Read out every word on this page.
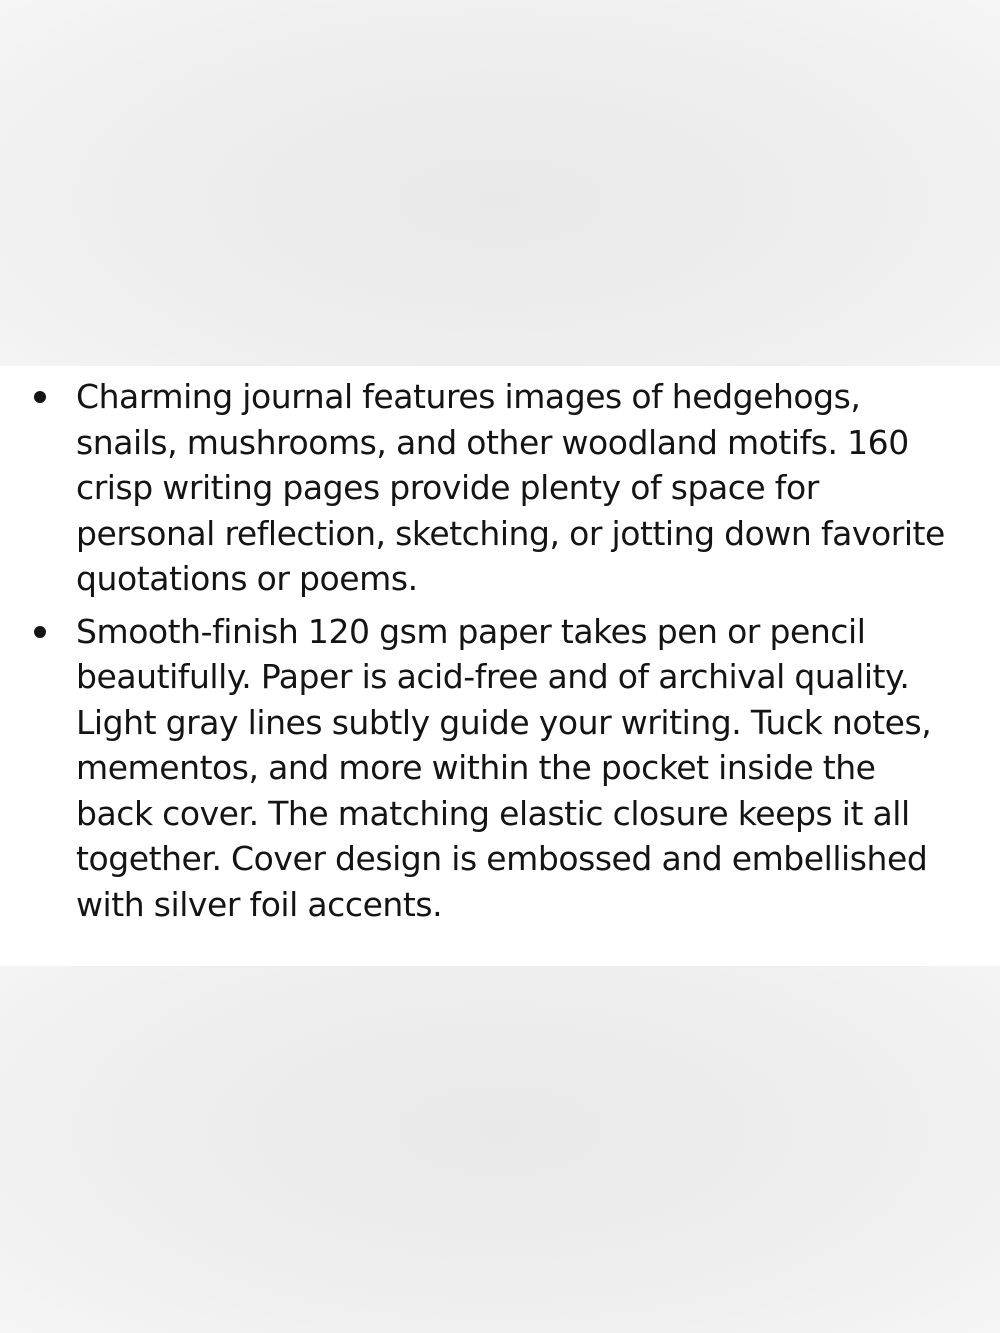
Charming journal features images of hedgehogs, snails, mushrooms, and other woodland motifs. 160 crisp writing pages provide plenty of space for personal reflection, sketching, or jotting down favorite quotations or poems.
Smooth-finish 120 gsm paper takes pen or pencil beautifully. Paper is acid-free and of archival quality. Light gray lines subtly guide your writing. Tuck notes, mementos, and more within the pocket inside the back cover. The matching elastic closure keeps it all together. Cover design is embossed and embellished with silver foil accents.
